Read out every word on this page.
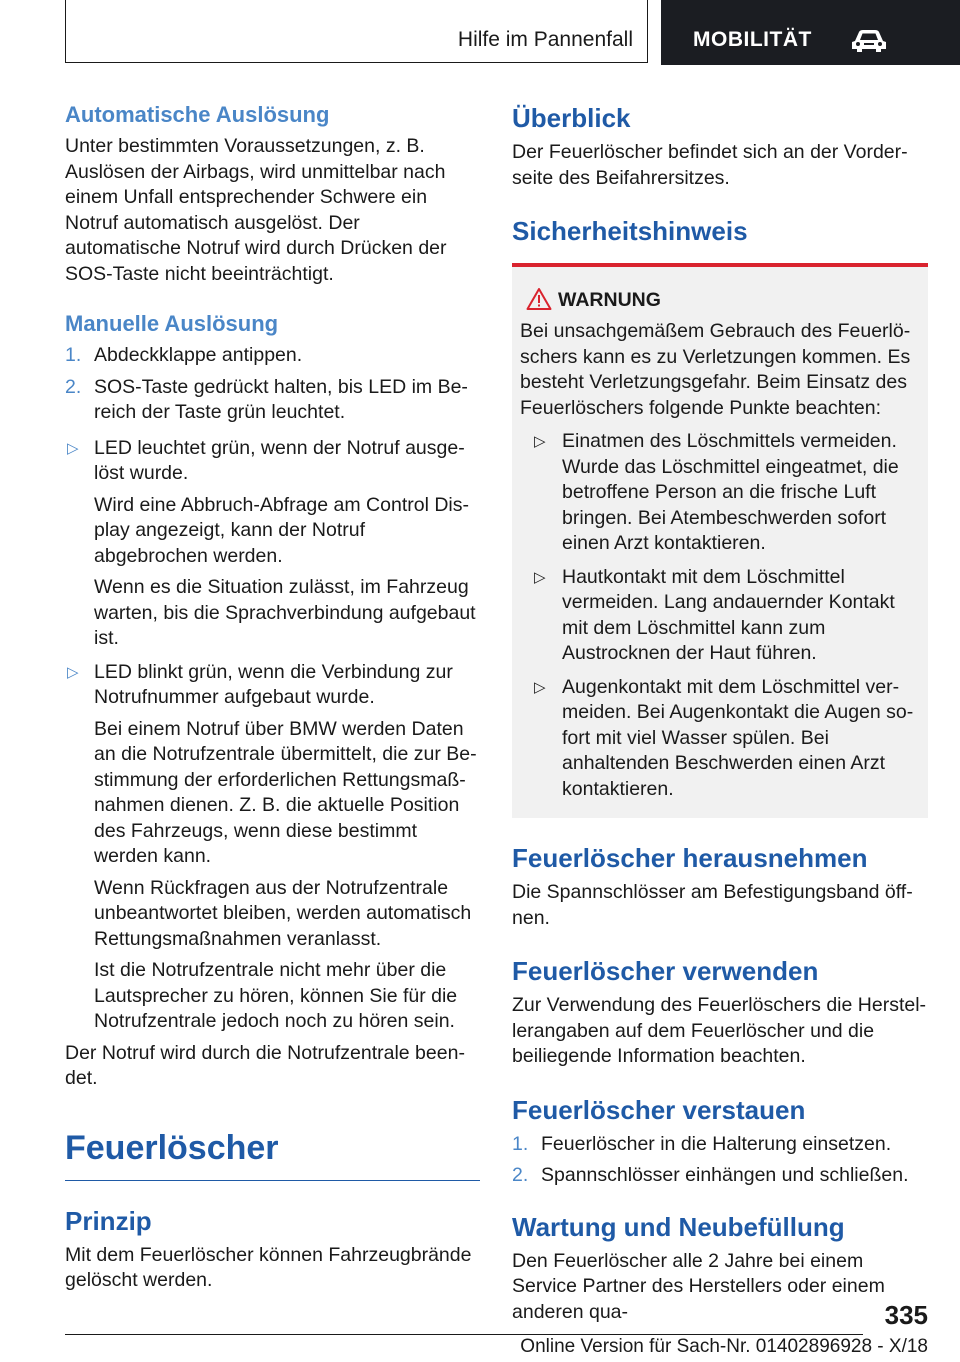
Hilfe im Pannenfall	MOBILITÄT
Automatische Auslösung

Unter bestimmten Voraussetzungen, z. B. Auslösen der Airbags, wird unmittelbar nach einem Unfall entsprechender Schwere ein Notruf automatisch ausgelöst. Der automatische Notruf wird durch Drücken der SOS-Taste nicht beeinträchtigt.

Manuelle Auslösung
1. Abdeckklappe antippen.

2. SOS-Taste gedrückt halten, bis LED im Bereich der Taste grün leuchtet.

▷ LED leuchtet grün, wenn der Notruf ausgelöst wurde.

Wird eine Abbruch-Abfrage am Control Display angezeigt, kann der Notruf abgebrochen werden.

Wenn es die Situation zulässt, im Fahrzeug warten, bis die Sprachverbindung aufgebaut ist.

▷ LED blinkt grün, wenn die Verbindung zur Notrufnummer aufgebaut wurde.

Bei einem Notruf über BMW werden Daten an die Notrufzentrale übermittelt, die zur Bestimmung der erforderlichen Rettungsmaßnahmen dienen. Z. B. die aktuelle Position des Fahrzeugs, wenn diese bestimmt werden kann.

Wenn Rückfragen aus der Notrufzentrale unbeantwortet bleiben, werden automatisch Rettungsmaßnahmen veranlasst.

Ist die Notrufzentrale nicht mehr über die Lautsprecher zu hören, können Sie für die Notrufzentrale jedoch noch zu hören sein.

Der Notruf wird durch die Notrufzentrale beendet.

Feuerlöscher
Prinzip

Mit dem Feuerlöscher können Fahrzeugbrände gelöscht werden.

Überblick

Der Feuerlöscher befindet sich an der Vorderseite des Beifahrersitzes.

Sicherheitshinweis
WARNUNG

Bei unsachgemäßem Gebrauch des Feuerlöschers kann es zu Verletzungen kommen. Es besteht Verletzungsgefahr. Beim Einsatz des Feuerlöschers folgende Punkte beachten:

▷ Einatmen des Löschmittels vermeiden. Wurde das Löschmittel eingeatmet, die betroffene Person an die frische Luft bringen. Bei Atembeschwerden sofort einen Arzt kontaktieren.

▷ Hautkontakt mit dem Löschmittel vermeiden. Lang andauernder Kontakt mit dem Löschmittel kann zum Austrocknen der Haut führen.

▷ Augenkontakt mit dem Löschmittel vermeiden. Bei Augenkontakt die Augen sofort mit viel Wasser spülen. Bei anhaltenden Beschwerden einen Arzt kontaktieren.

Feuerlöscher herausnehmen

Die Spannschlösser am Befestigungsband öffnen.

Feuerlöscher verwenden

Zur Verwendung des Feuerlöschers die Herstellerangaben auf dem Feuerlöscher und die beiliegende Information beachten.

Feuerlöscher verstauen
1. Feuerlöscher in die Halterung einsetzen.

2. Spannschlösser einhängen und schließen.

Wartung und Neubefüllung

Den Feuerlöscher alle 2 Jahre bei einem Service Partner des Herstellers oder einem anderen qua-	335
Online Version für Sach-Nr. 01402896928 - X/18
